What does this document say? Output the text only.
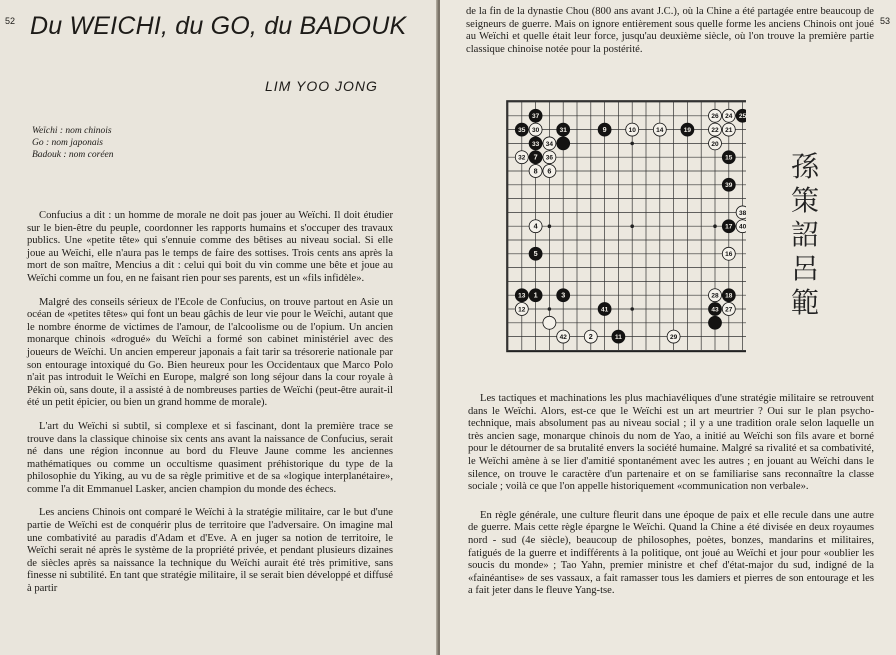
52 Du WEICHI, du GO, du BADOUK
LIM YOO JONG
Weïchi : nom chinois
Go : nom japonais
Badouk : nom coréen

Confucius a dit : un homme de morale ne doit pas jouer au Weïchi. Il doit étudier sur le bien-être du peuple, coordonner les rapports humains et s'occuper des travaux publics. Une «petite tête» qui s'ennuie comme des bêtises au niveau social. Si elle joue au Weïchi, elle n'aura pas le temps de faire des sottises. Trois cents ans après la mort de son maître, Mencius a dit : celui qui boit du vin comme une bête et joue au Weïchi comme un fou, en ne faisant rien pour ses parents, est un «fils infidèle».

Malgré des conseils sérieux de l'Ecole de Confucius, on trouve partout en Asie un océan de «petites têtes» qui font un beau gâchis de leur vie pour le Weïchi, autant que le nombre énorme de victimes de l'amour, de l'alcoolisme ou de l'opium. Un ancien monarque chinois «drogué» du Weïchi a formé son cabinet ministériel avec des joueurs de Weïchi. Un ancien empereur japonais a fait tarir sa trésorerie nationale par son entourage intoxiqué du Go. Bien heureux pour les Occidentaux que Marco Polo n'ait pas introduit le Weïchi en Europe, malgré son long séjour dans la cour royale à Pékin où, sans doute, il a assisté à de nombreuses parties de Weïchi (peut-être aurait-il été un petit épicier, ou bien un grand homme de morale).

L'art du Weïchi si subtil, si complexe et si fascinant, dont la première trace se trouve dans la classique chinoise six cents ans avant la naissance de Confucius, serait né dans une région inconnue au bord du Fleuve Jaune comme les anciennes mathématiques ou comme un occultisme quasiment préhistorique du type de la philosophie du Yiking, au vu de sa règle primitive et de sa «logique interplanétaire», comme l'a dit Emmanuel Lasker, ancien champion du monde des échecs.

Les anciens Chinois ont comparé le Weïchi à la stratégie militaire, car le but d'une partie de Weïchi est de conquérir plus de territoire que l'adversaire. On imagine mal une combativité au paradis d'Adam et d'Eve. A en juger sa notion de territoire, le Weïchi serait né après le système de la propriété privée, et pendant plusieurs dizaines de siècles après sa naissance la technique du Weïchi aurait été très primitive, sans finesse ni subtilité. En tant que stratégie militaire, il se serait bien développé et diffusé à partir

53

de la fin de la dynastie Chou (800 ans avant J.C.), où la Chine a été partagée entre beaucoup de seigneurs de guerre. Mais on ignore entièrement sous quelle forme les anciens Chinois ont joué au Weïchi et quelle était leur force, jusqu'au deuxième siècle, où l'on trouve la première partie classique chinoise notée pour la postérité.

37
31
33
7
35	9	19
25
15
39
17
5
13 1	3
41
11
43
18
30
34
32	36
8 6
10	14
26 24
22 21
20
38
40
4
16
28
27
12
42	2	29
孫
策
詔
呂
範

Les tactiques et machinations les plus machiavéliques d'une stratégie militaire se retrouvent dans le Weïchi. Alors, est-ce que le Weïchi est un art meurtrier ? Oui sur le plan psycho-technique, mais absolument pas au niveau social ; il y a une tradition orale selon laquelle un très ancien sage, monarque chinois du nom de Yao, a initié au Weïchi son fils avare et borné pour le détourner de sa brutalité envers la société humaine. Malgré sa rivalité et sa combativité, le Weïchi amène à se lier d'amitié spontanément avec les autres ; en jouant au Weïchi dans le silence, on trouve le caractère d'un partenaire et on se familiarise sans reconnaître la classe sociale ; voilà ce que l'on appelle historiquement «communication non verbale».

En règle générale, une culture fleurit dans une époque de paix et elle recule dans une autre de guerre. Mais cette règle épargne le Weïchi. Quand la Chine a été divisée en deux royaumes nord - sud (4e siècle), beaucoup de philosophes, poètes, bonzes, mandarins et militaires, fatigués de la guerre et indifférents à la politique, ont joué au Weïchi et jour pour «oublier les soucis du monde» ; Tao Yahn, premier ministre et chef d'état-major du sud, indigné de la «fainéantise» de ses vassaux, a fait ramasser tous les damiers et pierres de son entourage et les a fait jeter dans le fleuve Yang-tse.
